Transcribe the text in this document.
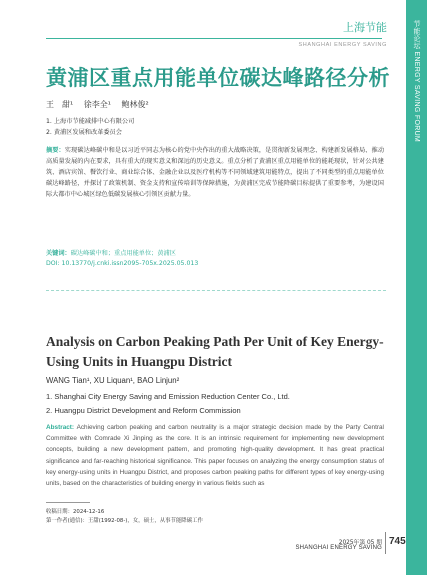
节能论坛 ENERGY SAVING FORUM
上海节能
SHANGHAI ENERGY SAVING
黄浦区重点用能单位碳达峰路径分析
王　甜¹ 徐李全¹ 鲍林俊²
1. 上海市节能减排中心有限公司
2. 黄浦区发展和改革委员会
摘要：实现碳达峰碳中和是以习近平同志为核心的党中央作出的重大战略决策，是贯彻新发展理念、构建新发展格局、推动高质量发展的内在要求，具有重大的现实意义和深远的历史意义。重点分析了黄浦区重点用能单位的能耗现状，针对公共建筑、酒店宾馆、餐饮行业、商业综合体、金融企业以及医疗机构等不同领域建筑用能特点，提出了不同类型的重点用能单位碳达峰路径，并探讨了政策机制、资金支持和宣传培训等保障措施，为黄浦区完成节能降碳目标提供了重要参考，为建设国际大都市中心城区绿色低碳发展核心引领区贡献力量。
关键词：碳达峰碳中和；重点用能单位；黄浦区
DOI: 10.13770/j.cnki.issn2095-705x.2025.05.013
Analysis on Carbon Peaking Path Per Unit of Key Energy-Using Units in Huangpu District
WANG Tian¹, XU Liquan¹, BAO Linjun²
1. Shanghai City Energy Saving and Emission Reduction Center Co., Ltd.
2. Huangpu District Development and Reform Commission
Abstract: Achieving carbon peaking and carbon neutrality is a major strategic decision made by the Party Central Committee with Comrade Xi Jinping as the core. It is an intrinsic requirement for implementing new development concepts, building a new development pattern, and promoting high-quality development. It has great practical significance and far-reaching historical significance. This paper focuses on analyzing the energy consumption status of key energy-using units in Huangpu District, and proposes carbon peaking paths for different types of key energy-using units, based on the characteristics of building energy in various fields such as
收稿日期：2024-12-16
第一作者(通信)：王甜(1992-08-)，女，硕士，从事节能降碳工作
2025年第 05 期
SHANGHAI ENERGY SAVING
745
